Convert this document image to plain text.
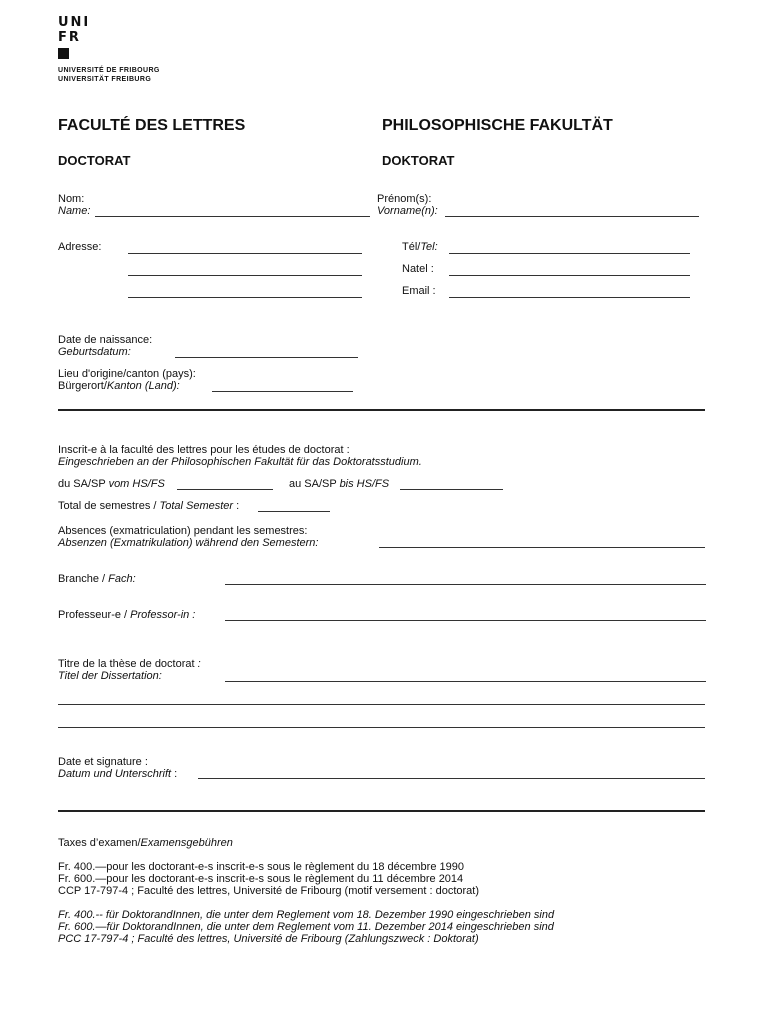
UNI
FR
UNIVERSITÉ DE FRIBOURG
UNIVERSITÄT FREIBURG
FACULTÉ DES LETTRES	PHILOSOPHISCHE FAKULTÄT
DOCTORAT	DOKTORAT
Nom:
Name:
Prénom(s):
Vorname(n):
Adresse:	Tél/Tel:
Natel :
Email :
Date de naissance:
Geburtsdatum:
Lieu d'origine/canton (pays):
Bürgerort/Kanton (Land):
Inscrit-e à la faculté des lettres pour les études de doctorat :
Eingeschrieben an der Philosophischen Fakultät für das Doktoratsstudium.
du SA/SP vom HS/FS	au SA/SP bis HS/FS
Total de semestres / Total Semester :
Absences (exmatriculation) pendant les semestres:
Absenzen (Exmatrikulation) während den Semestern:
Branche / Fach:
Professeur-e / Professor-in :
Titre de la thèse de doctorat :
Titel der Dissertation:
Date et signature :
Datum und Unterschrift :
Taxes d’examen/Examensgebühren
Fr. 400.—pour les doctorant-e-s inscrit-e-s sous le règlement du 18 décembre 1990
Fr. 600.—pour les doctorant-e-s inscrit-e-s sous le règlement du 11 décembre 2014
CCP 17-797-4 ; Faculté des lettres, Université de Fribourg (motif versement : doctorat)
Fr. 400.-- für DoktorandInnen, die unter dem Reglement vom 18. Dezember 1990 eingeschrieben sind
Fr. 600.—für DoktorandInnen, die unter dem Reglement vom 11. Dezember 2014 eingeschrieben sind
PCC 17-797-4 ; Faculté des lettres, Université de Fribourg (Zahlungszweck : Doktorat)
